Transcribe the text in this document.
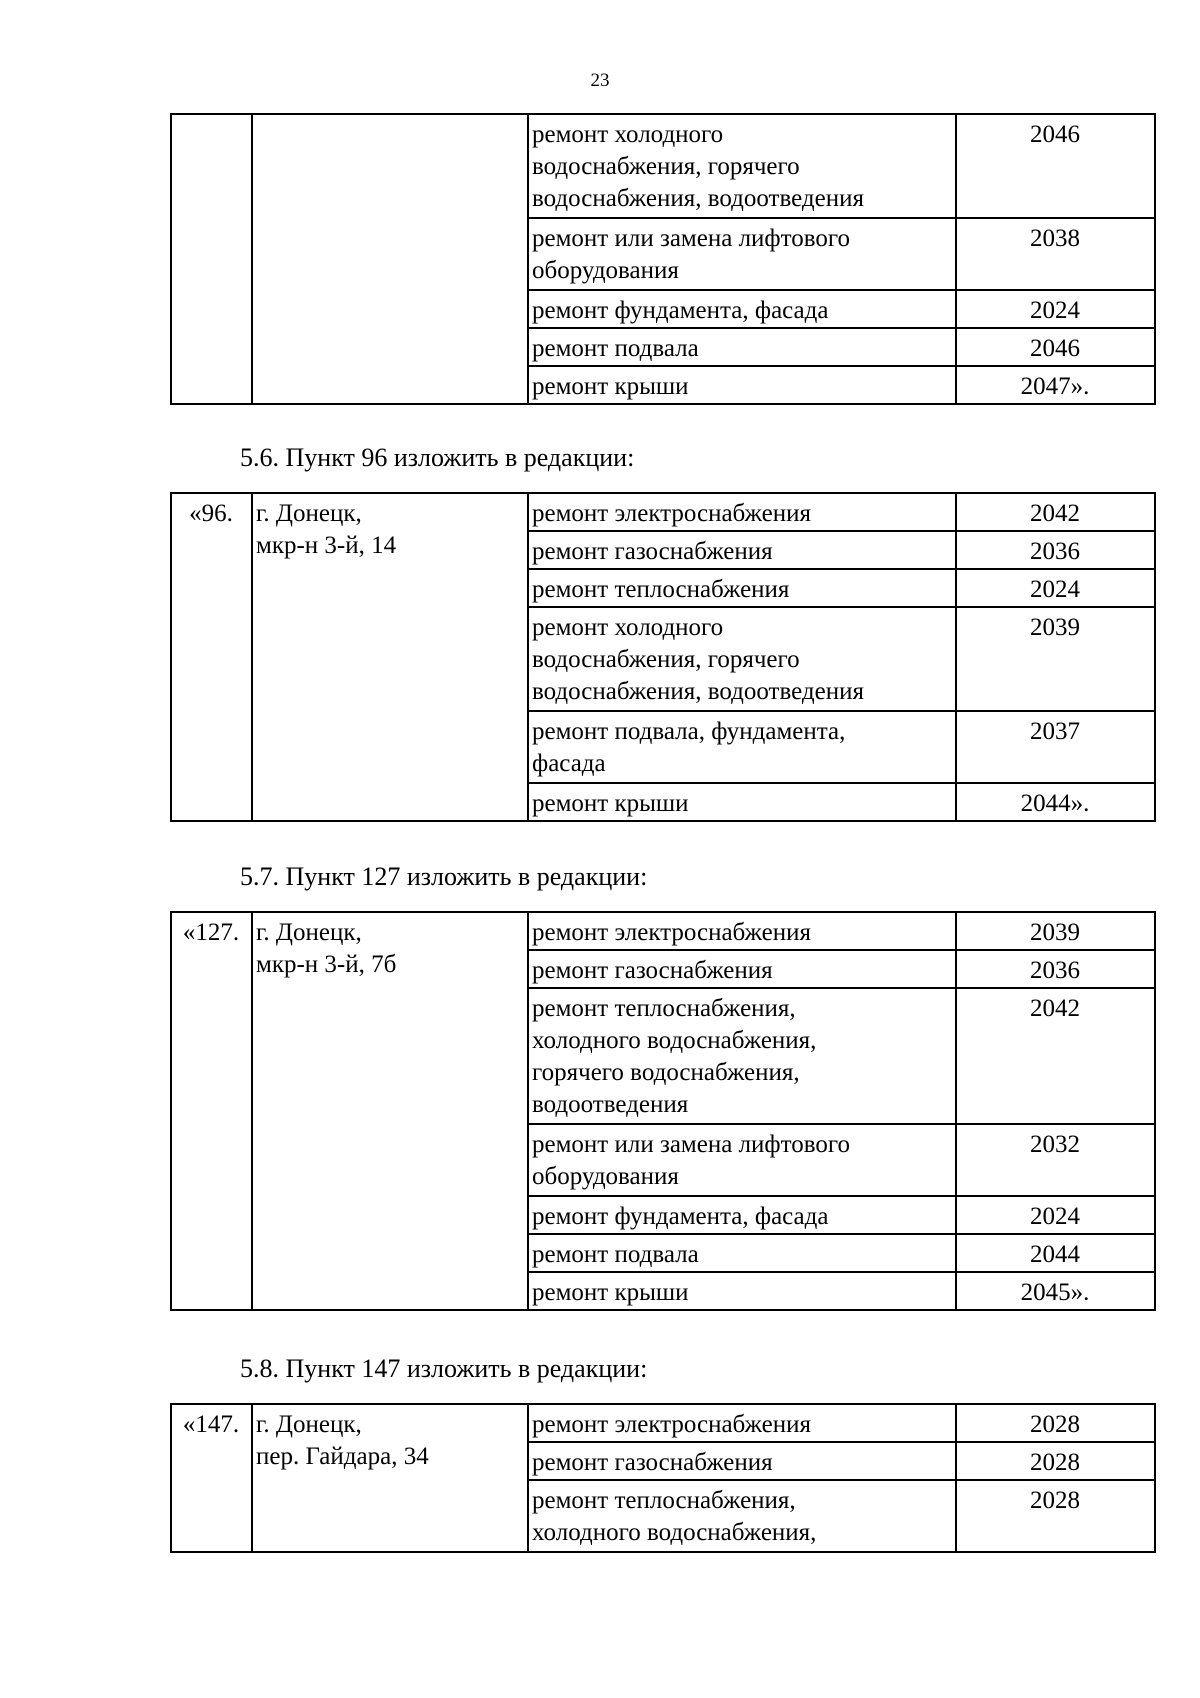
23
		ремонт холодного
водоснабжения, горячего
водоснабжения, водоотведения	2046
		ремонт или замена лифтового
оборудования	2038
		ремонт фундамента, фасада	2024
		ремонт подвала	2046
		ремонт крыши	2047».
5.6. Пункт 96 изложить в редакции:
«96.	г. Донецк,
мкр-н 3-й, 14	ремонт электроснабжения	2042
		ремонт газоснабжения	2036
		ремонт теплоснабжения	2024
		ремонт холодного
водоснабжения, горячего
водоснабжения, водоотведения	2039
		ремонт подвала, фундамента,
фасада	2037
		ремонт крыши	2044».
5.7. Пункт 127 изложить в редакции:
«127.	г. Донецк,
мкр-н 3-й, 7б	ремонт электроснабжения	2039
		ремонт газоснабжения	2036
		ремонт теплоснабжения,
холодного водоснабжения,
горячего водоснабжения,
водоотведения	2042
		ремонт или замена лифтового
оборудования	2032
		ремонт фундамента, фасада	2024
		ремонт подвала	2044
		ремонт крыши	2045».
5.8. Пункт 147 изложить в редакции:
«147.	г. Донецк,
пер. Гайдара, 34	ремонт электроснабжения	2028
		ремонт газоснабжения	2028
		ремонт теплоснабжения,
холодного водоснабжения,	2028
